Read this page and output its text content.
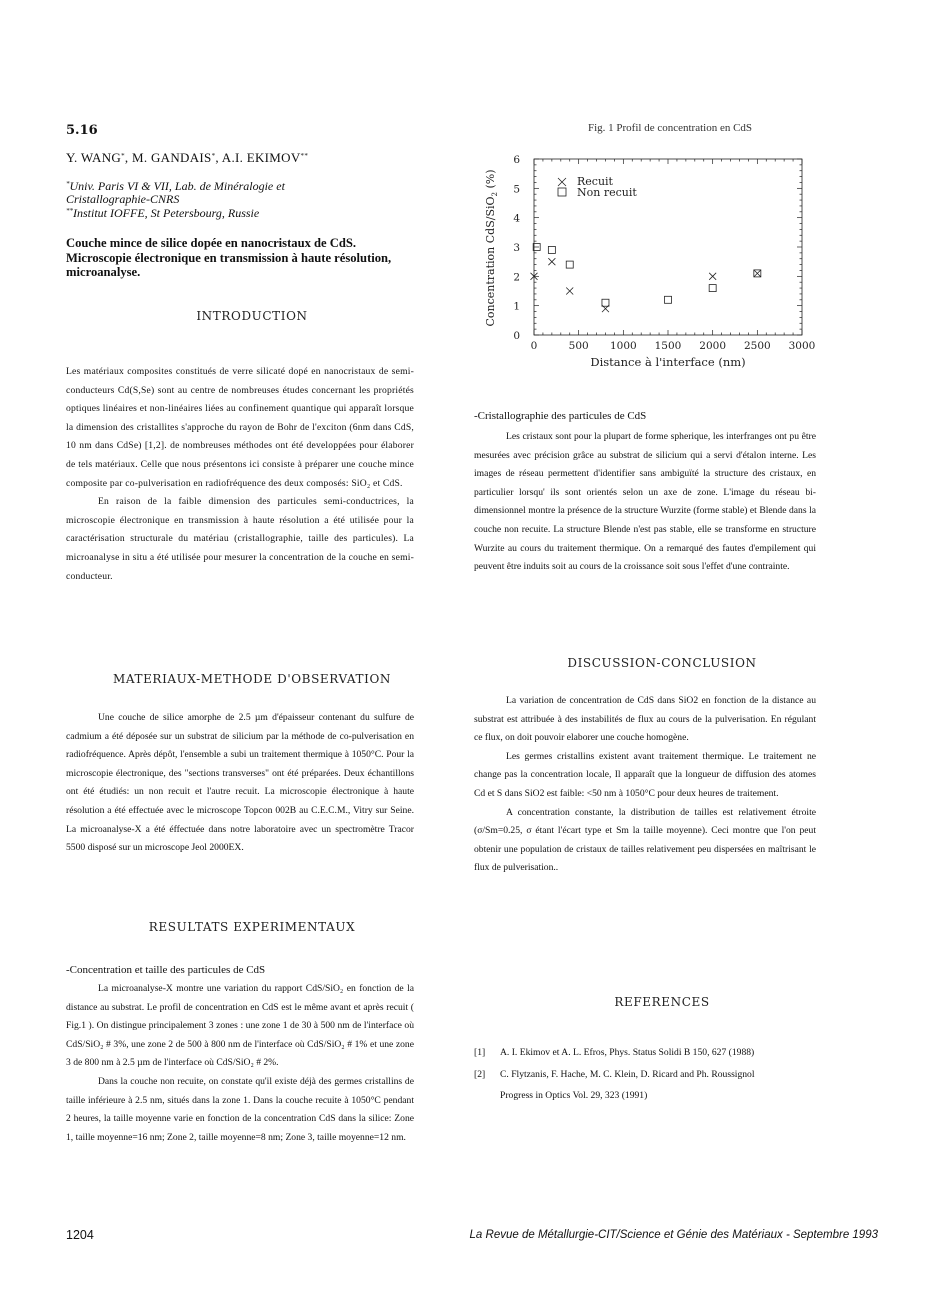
5.16
Y. WANG*, M. GANDAIS*, A.I. EKIMOV**
*Univ. Paris VI & VII, Lab. de Minéralogie et Cristallographie-CNRS
**Institut IOFFE, St Petersbourg, Russie
Couche mince de silice dopée en nanocristaux de CdS. Microscopie électronique en transmission à haute résolution, microanalyse.
INTRODUCTION

Les matériaux composites constitués de verre silicaté dopé en nanocristaux de semi-conducteurs Cd(S,Se) sont au centre de nombreuses études concernant les propriétés optiques linéaires et non-linéaires liées au confinement quantique qui apparaît lorsque la dimension des cristallites s'approche du rayon de Bohr de l'exciton (6nm dans CdS, 10 nm dans CdSe) [1,2]. de nombreuses méthodes ont été developpées pour élaborer de tels matériaux. Celle que nous présentons ici consiste à préparer une couche mince composite par co-pulverisation en radiofréquence des deux composés: SiO₂ et CdS.

En raison de la faible dimension des particules semi-conductrices, la microscopie électronique en transmission à haute résolution a été utilisée pour la caractérisation structurale du matériau (cristallographie, taille des particules). La microanalyse in situ a été utilisée pour mesurer la concentration de la couche en semi-conducteur.

MATERIAUX-METHODE D'OBSERVATION

Une couche de silice amorphe de 2.5 µm d'épaisseur contenant du sulfure de cadmium a été déposée sur un substrat de silicium par la méthode de co-pulverisation en radiofréquence. Après dépôt, l'ensemble a subi un traitement thermique à 1050°C. Pour la microscopie électronique, des "sections transverses" ont été préparées. Deux échantillons ont été étudiés: un non recuit et l'autre recuit. La microscopie électronique à haute résolution a été effectuée avec le microscope Topcon 002B au C.E.C.M., Vitry sur Seine. La microanalyse-X a été éffectuée dans notre laboratoire avec un spectromètre Tracor 5500 disposé sur un microscope Jeol 2000EX.

RESULTATS EXPERIMENTAUX
-Concentration et taille des particules de CdS

La microanalyse-X montre une variation du rapport CdS/SiO₂ en fonction de la distance au substrat. Le profil de concentration en CdS est le même avant et après recuit ( Fig.1 ). On distingue principalement 3 zones : une zone 1 de 30 à 500 nm de l'interface où CdS/SiO₂ # 3%, une zone 2 de 500 à 800 nm de l'interface où CdS/SiO₂ # 1% et une zone 3 de 800 nm à 2.5 µm de l'interface où CdS/SiO₂ # 2%.

Dans la couche non recuite, on constate qu'il existe déjà des germes cristallins de taille inférieure à 2.5 nm, situés dans la zone 1. Dans la couche recuite à 1050°C pendant 2 heures, la taille moyenne varie en fonction de la concentration CdS dans la silice: Zone 1, taille moyenne=16 nm; Zone 2, taille moyenne=8 nm; Zone 3, taille moyenne=12 nm.

Fig. 1 Profil de concentration en CdS
0	500 1000 1500 2000 2500 3000
0
1
2
3
4
5
6
Recuit
Non recuit
Concentration CdS/SiO$_2$ (%)
Distance à l'interface (nm)
-Cristallographie des particules de CdS

Les cristaux sont pour la plupart de forme spherique, les interfranges ont pu être mesurées avec précision grâce au substrat de silicium qui a servi d'étalon interne. Les images de réseau permettent d'identifier sans ambiguïté la structure des cristaux, en particulier lorsqu' ils sont orientés selon un axe de zone. L'image du réseau bi-dimensionnel montre la présence de la structure Wurzite (forme stable) et Blende dans la couche non recuite. La structure Blende n'est pas stable, elle se transforme en structure Wurzite au cours du traitement thermique. On a remarqué des fautes d'empilement qui peuvent être induits soit au cours de la croissance soit sous l'effet d'une contrainte.

DISCUSSION-CONCLUSION

La variation de concentration de CdS dans SiO2 en fonction de la distance au substrat est attribuée à des instabilités de flux au cours de la pulverisation. En régulant ce flux, on doit pouvoir elaborer une couche homogène.

Les germes cristallins existent avant traitement thermique. Le traitement ne change pas la concentration locale, Il apparaît que la longueur de diffusion des atomes Cd et S dans SiO2 est faible: <50 nm à 1050°C pour deux heures de traitement.

A concentration constante, la distribution de tailles est relativement étroite (σ/Sm=0.25, σ étant l'écart type et Sm la taille moyenne). Ceci montre que l'on peut obtenir une population de cristaux de tailles relativement peu dispersées en maîtrisant le flux de pulverisation..

REFERENCES
[1] A. I. Ekimov et A. L. Efros, Phys. Status Solidi B 150, 627 (1988)
[2] C. Flytzanis, F. Hache, M. C. Klein, D. Ricard and Ph. Roussignol
Progress in Optics Vol. 29, 323 (1991)
1204	La Revue de Métallurgie-CIT/Science et Génie des Matériaux - Septembre 1993
